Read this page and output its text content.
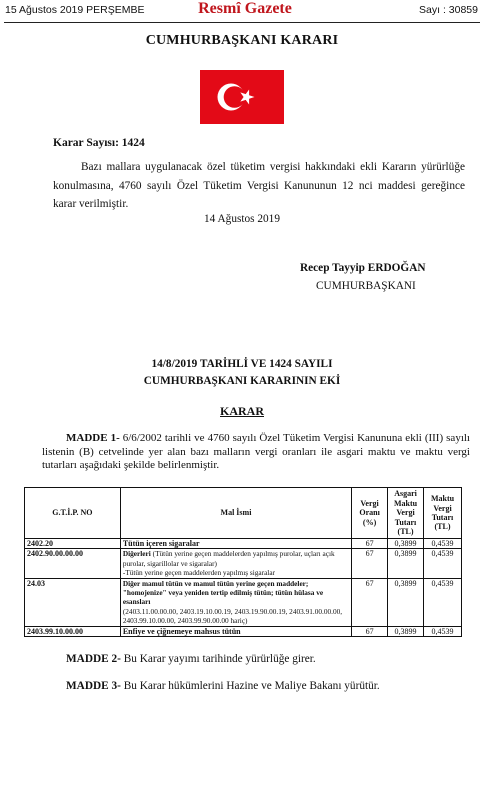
15 Ağustos 2019 PERŞEMBE	Resmî Gazete	Sayı : 30859
CUMHURBAŞKANI KARARI
Karar Sayısı: 1424

Bazı mallara uygulanacak özel tüketim vergisi hakkındaki ekli Kararın yürürlüğe konulmasına, 4760 sayılı Özel Tüketim Vergisi Kanununun 12 nci maddesi gereğince karar verilmiştir.

14 Ağustos 2019
Recep Tayyip ERDOĞAN
CUMHURBAŞKANI
14/8/2019 TARİHLİ VE 1424 SAYILI
CUMHURBAŞKANI KARARININ EKİ
KARAR

MADDE 1- 6/6/2002 tarihli ve 4760 sayılı Özel Tüketim Vergisi Kanununa ekli (III) sayılı listenin (B) cetvelinde yer alan bazı malların vergi oranları ile asgari maktu ve maktu vergi tutarları aşağıdaki şekilde belirlenmiştir.

G.T.İ.P. NO	Mal İsmi	Vergi Oranı (%)	Asgari Maktu Vergi Tutarı (TL)	Maktu Vergi Tutarı (TL)
2402.20	Tütün içeren sigaralar	67	0,3899	0,4539
2402.90.00.00.00	Diğerleri (Tütün yerine geçen maddelerden yapılmış purolar, uçları açık purolar, sigarillolar ve sigaralar)
-Tütün yerine geçen maddelerden yapılmış sigaralar	67	0,3899	0,4539
24.03	Diğer mamul tütün ve mamul tütün yerine geçen maddeler; "homojenize" veya yeniden tertip edilmiş tütün; tütün hülasa ve esansları
(2403.11.00.00.00, 2403.19.10.00.19, 2403.19.90.00.19, 2403.91.00.00.00, 2403.99.10.00.00, 2403.99.90.00.00 hariç)	67	0,3899	0,4539
2403.99.10.00.00	Enfiye ve çiğnemeye mahsus tütün	67	0,3899	0,4539

MADDE 2- Bu Karar yayımı tarihinde yürürlüğe girer.

MADDE 3- Bu Karar hükümlerini Hazine ve Maliye Bakanı yürütür.
